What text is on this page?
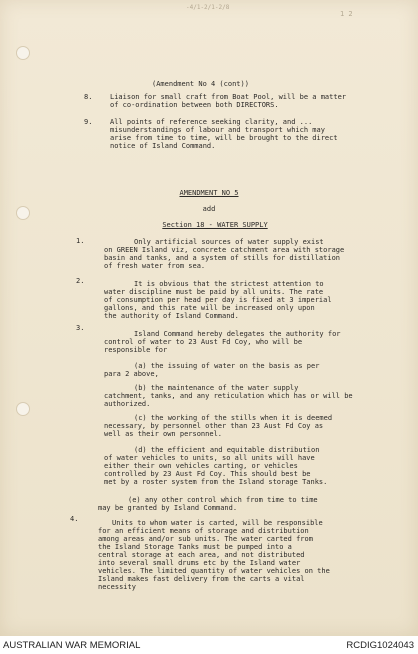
-4/1-2/1-2/8
1 2
(Amendment No 4 (cont))
8.	Liaison for small craft from Boat Pool, will be a matter
of co-ordination between both DIRECTORS.
9.	All points of reference seeking clarity, and ...
misunderstandings of labour and transport which may
arise from time to time, will be brought to the direct
notice of Island Command.
AMENDMENT NO 5
add
Section 18 - WATER SUPPLY
1.	Only artificial sources of water supply exist
on GREEN Island viz, concrete catchment area with storage
basin and tanks, and a system of stills for distillation
of fresh water from sea.
2.	It is obvious that the strictest attention to
water discipline must be paid by all units. The rate
of consumption per head per day is fixed at 3 imperial
gallons, and this rate will be increased only upon
the authority of Island Command.
3.
Island Command hereby delegates the authority for
control of water to 23 Aust Fd Coy, who will be
responsible for
(a) the issuing of water on the basis as per
para 2 above,
(b) the maintenance of the water supply
catchment, tanks, and any reticulation which has or will be
authorized.
(c) the working of the stills when it is deemed
necessary, by personnel other than 23 Aust Fd Coy as
well as their own personnel.
(d) the efficient and equitable distribution
of water vehicles to units, so all units will have
either their own vehicles carting, or vehicles
controlled by 23 Aust Fd Coy. This should best be
met by a roster system from the Island storage Tanks.
(e) any other control which from time to time
may be granted by Island Command.
4.	Units to whom water is carted, will be responsible
for an efficient means of storage and distribution
among areas and/or sub units. The water carted from
the Island Storage Tanks must be pumped into a
central storage at each area, and not distributed
into several small drums etc by the Island water
vehicles. The limited quantity of water vehicles on the
Island makes fast delivery from the carts a vital
necessity
AUSTRALIAN WAR MEMORIAL	RCDIG1024043
